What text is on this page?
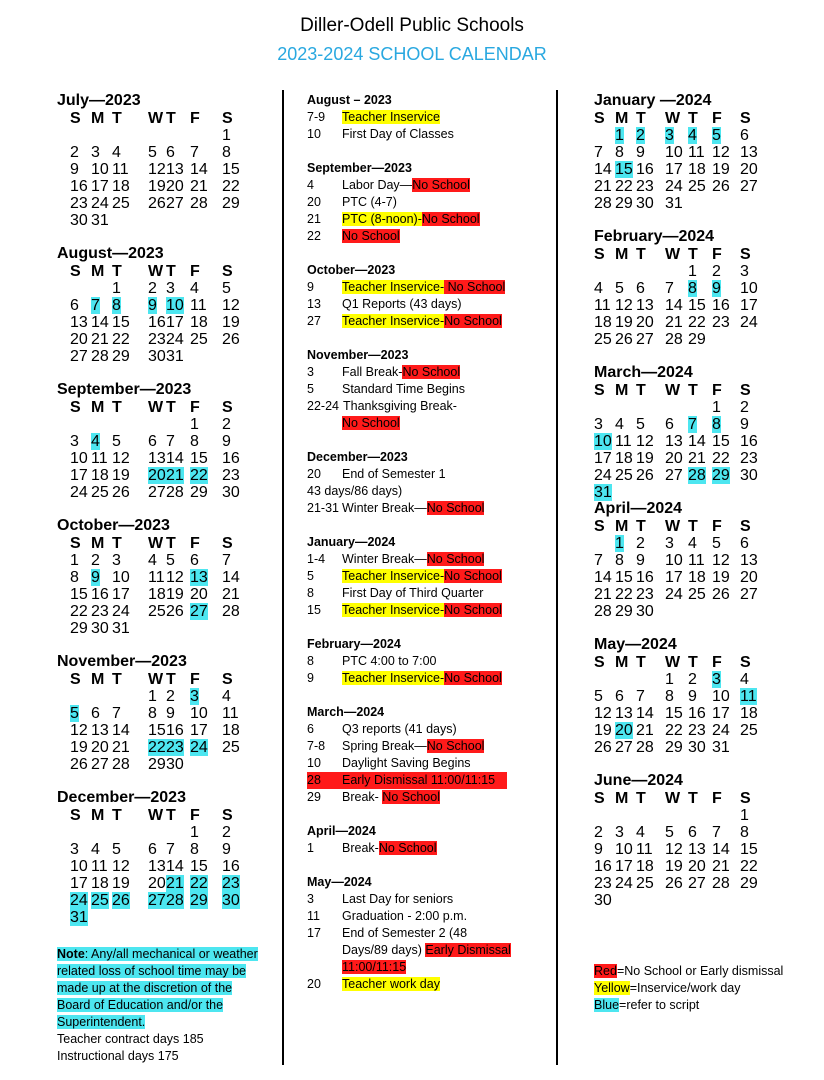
Diller-Odell Public Schools
2023-2024 SCHOOL CALENDAR
July—2023
S M T W T F S
1
2 3 4 5 6 7 8
9 10 11 12 13 14 15
16 17 18 19 20 21 22
23 24 25 26 27 28 29
30 31
August—2023
S M T W T F S
1 2 3 4 5
6 7 8 9 10 11 12
13 14 15 16 17 18 19
20 21 22 23 24 25 26
27 28 29 30 31
September—2023
S M T W T F S
1 2
3 4 5 6 7 8 9
10 11 12 13 14 15 16
17 18 19 20 21 22 23
24 25 26 27 28 29 30
October—2023
S M T W T F S
1 2 3 4 5 6 7
8 9 10 11 12 13 14
15 16 17 18 19 20 21
22 23 24 25 26 27 28
29 30 31
November—2023
S M T W T F S
1 2 3 4
5 6 7 8 9 10 11
12 13 14 15 16 17 18
19 20 21 22 23 24 25
26 27 28 29 30
December—2023
S M T W T F S
1 2
3 4 5 6 7 8 9
10 11 12 13 14 15 16
17 18 19 20 21 22 23
24 25 26 27 28 29 30
31
January —2024
S M T W T F S
1 2 3 4 5 6
7 8 9 10 11 12 13
14 15 16 17 18 19 20
21 22 23 24 25 26 27
28 29 30 31
February—2024
S M T W T F S
1 2 3
4 5 6 7 8 9 10
11 12 13 14 15 16 17
18 19 20 21 22 23 24
25 26 27 28 29
March—2024
S M T W T F S
1 2
3 4 5 6 7 8 9
10 11 12 13 14 15 16
17 18 19 20 21 22 23
24 25 26 27 28 29 30
31
April—2024
S M T W T F S
1 2 3 4 5 6
7 8 9 10 11 12 13
14 15 16 17 18 19 20
21 22 23 24 25 26 27
28 29 30
May—2024
S M T W T F S
1 2 3 4
5 6 7 8 9 10 11
12 13 14 15 16 17 18
19 20 21 22 23 24 25
26 27 28 29 30 31
June—2024
S M T W T F S
1
2 3 4 5 6 7 8
9 10 11 12 13 14 15
16 17 18 19 20 21 22
23 24 25 26 27 28 29
30
August – 2023
7-9 Teacher Inservice
10 First Day of Classes
September—2023
4 Labor Day—No School
20 PTC (4-7)
21 PTC (8-noon)-No School
22 No School
October—2023
9 Teacher Inservice- No School
13 Q1 Reports (43 days)
27 Teacher Inservice-No School
November—2023
3 Fall Break-No School
5 Standard Time Begins
22-24 Thanksgiving Break-
No School
December—2023
20 End of Semester 1
43 days/86 days)
21-31 Winter Break—No School
January—2024
1-4 Winter Break—No School
5 Teacher Inservice-No School
8 First Day of Third Quarter
15 Teacher Inservice-No School
February—2024
8 PTC 4:00 to 7:00
9 Teacher Inservice-No School
March—2024
6 Q3 reports (41 days)
7-8 Spring Break—No School
10 Daylight Saving Begins
28 Early Dismissal 11:00/11:15
29 Break- No School
April—2024
1 Break-No School
May—2024
3 Last Day for seniors
11 Graduation - 2:00 p.m.
17 End of Semester 2 (48
Days/89 days) Early Dismissal
11:00/11:15
20 Teacher work day
Note: Any/all mechanical or weather related loss of school time may be made up at the discretion of the Board of Education and/or the Superintendent.
Teacher contract days 185
Instructional days 175
Red=No School or Early dismissal
Yellow=Inservice/work day
Blue=refer to script
